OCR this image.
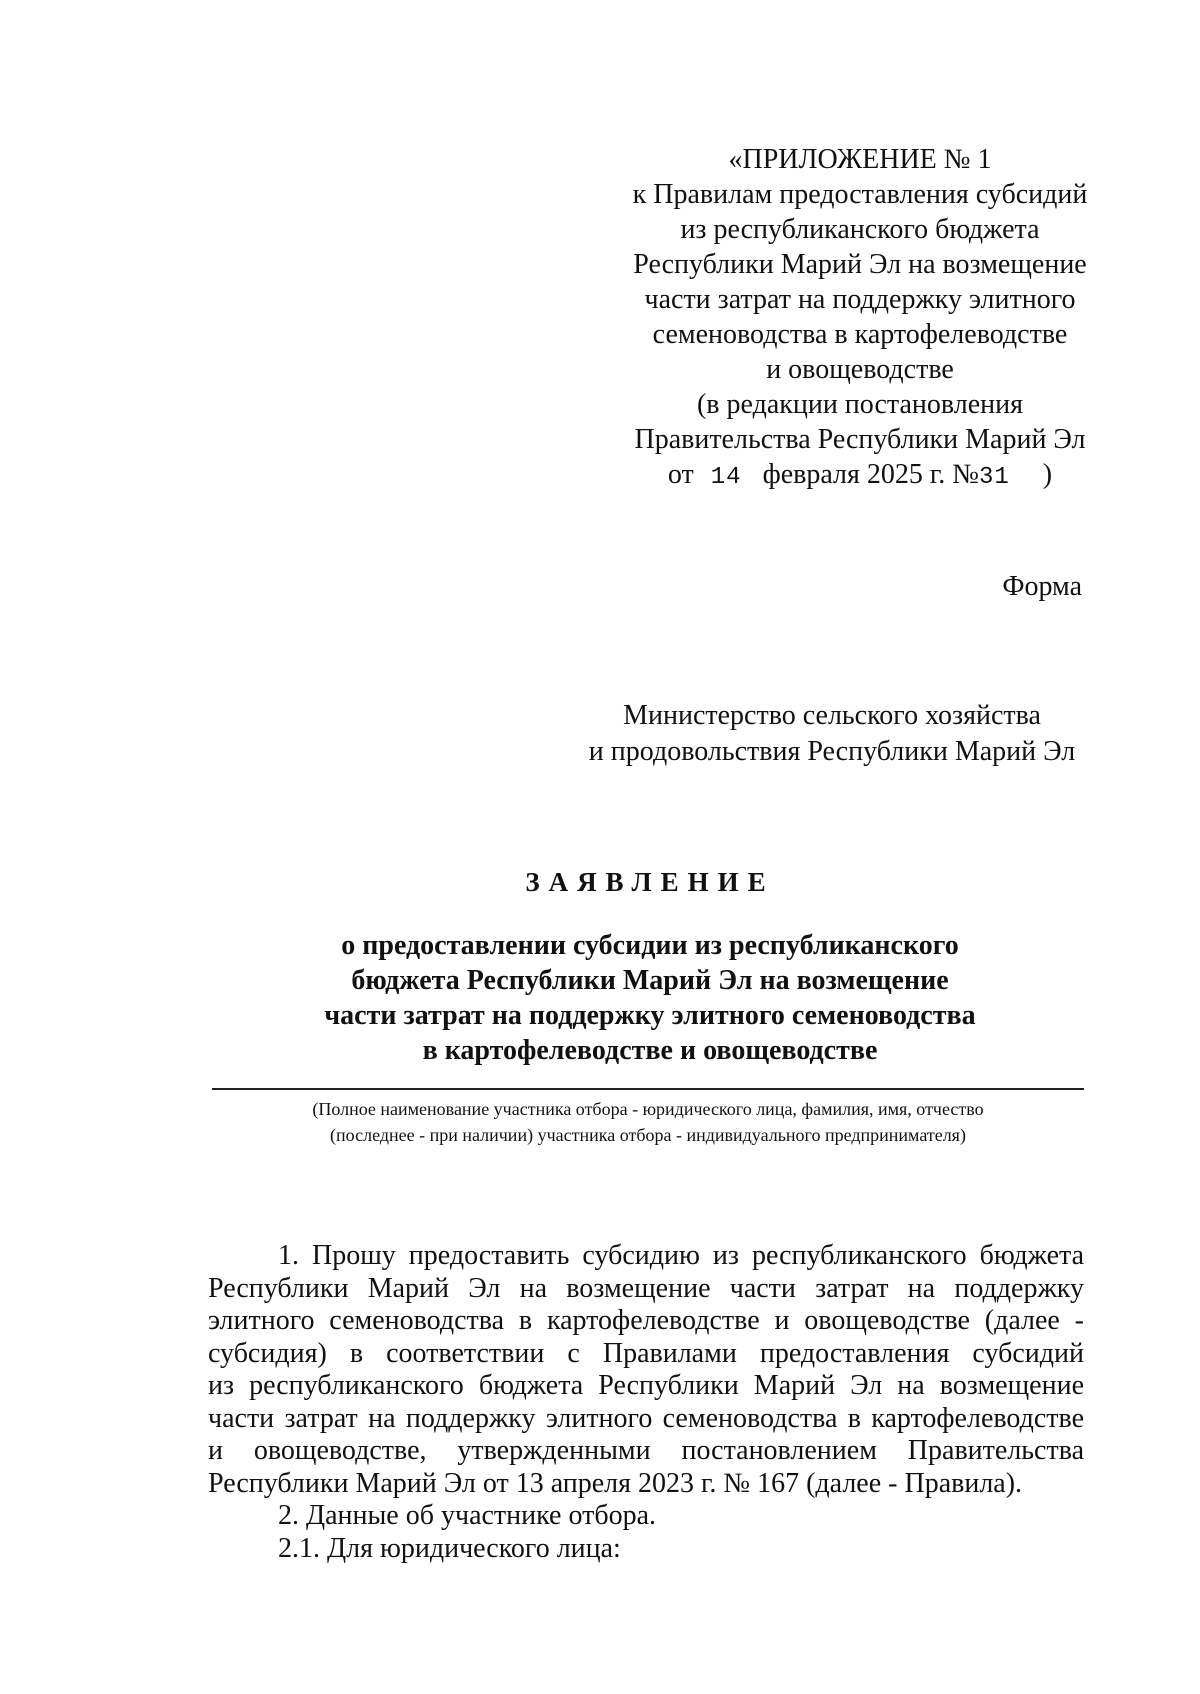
«ПРИЛОЖЕНИЕ № 1
к Правилам предоставления субсидий
из республиканского бюджета
Республики Марий Эл на возмещение
части затрат на поддержку элитного
семеноводства в картофелеводстве
и овощеводстве
(в редакции постановления
Правительства Республики Марий Эл
от 14 февраля 2025 г. №31 )
Форма
Министерство сельского хозяйства
и продовольствия Республики Марий Эл
ЗАЯВЛЕНИЕ
о предоставлении субсидии из республиканского
бюджета Республики Марий Эл на возмещение
части затрат на поддержку элитного семеноводства
в картофелеводстве и овощеводстве
(Полное наименование участника отбора - юридического лица, фамилия, имя, отчество
(последнее - при наличии) участника отбора - индивидуального предпринимателя)
1. Прошу предоставить субсидию из республиканского бюджета
Республики Марий Эл на возмещение части затрат на поддержку
элитного семеноводства в картофелеводстве и овощеводстве (далее -
субсидия) в соответствии с Правилами предоставления субсидий
из республиканского бюджета Республики Марий Эл на возмещение
части затрат на поддержку элитного семеноводства в картофелеводстве
и овощеводстве, утвержденными постановлением Правительства
Республики Марий Эл от 13 апреля 2023 г. № 167 (далее - Правила).
2. Данные об участнике отбора.
2.1. Для юридического лица:
